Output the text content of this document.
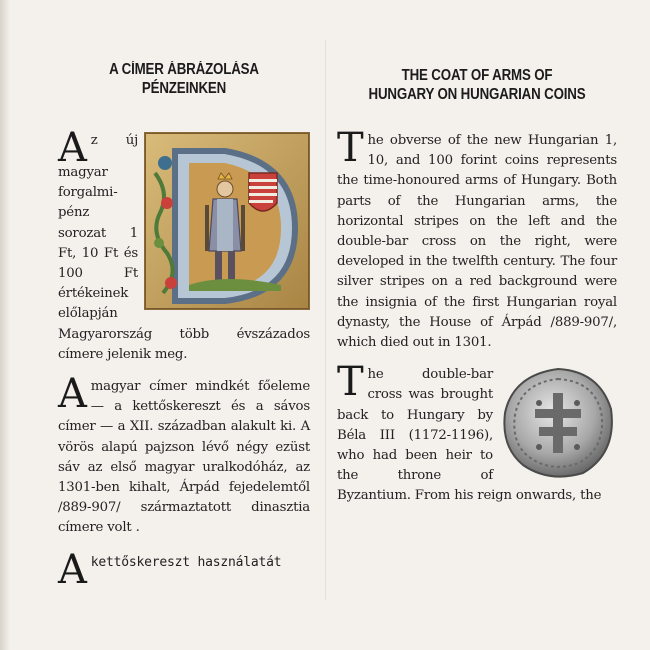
A CÍMER ÁBRÁZOLÁSA
PÉNZEINKEN

A z új magyar forgalmi-pénz sorozat 1 Ft, 10 Ft és 100 Ft értékeinek előlapján Magyarország több évszázados címere jelenik meg.

A magyar címer mindkét főeleme — a kettőskereszt és a sávos címer — a XII. században alakult ki. A vörös alapú pajzson lévő négy ezüst sáv az első magyar uralkodóház, az 1301-ben kihalt, Árpád fejedelemtől /889-907/ származtatott dinasztia címere volt .

A kettőskereszt használatát

THE COAT OF ARMS OF
HUNGARY ON HUNGARIAN COINS

T he obverse of the new Hungarian 1, 10, and 100 forint coins represents the time-honoured arms of Hungary. Both parts of the Hungarian arms, the horizontal stripes on the left and the double-bar cross on the right, were developed in the twelfth century. The four silver stripes on a red background were the insignia of the first Hungarian royal dynasty, the House of Árpád /889-907/, which died out in 1301.

T he double-bar cross was brought back to Hungary by Béla III (1172-1196), who had been heir to the throne of Byzantium. From his reign onwards, the
